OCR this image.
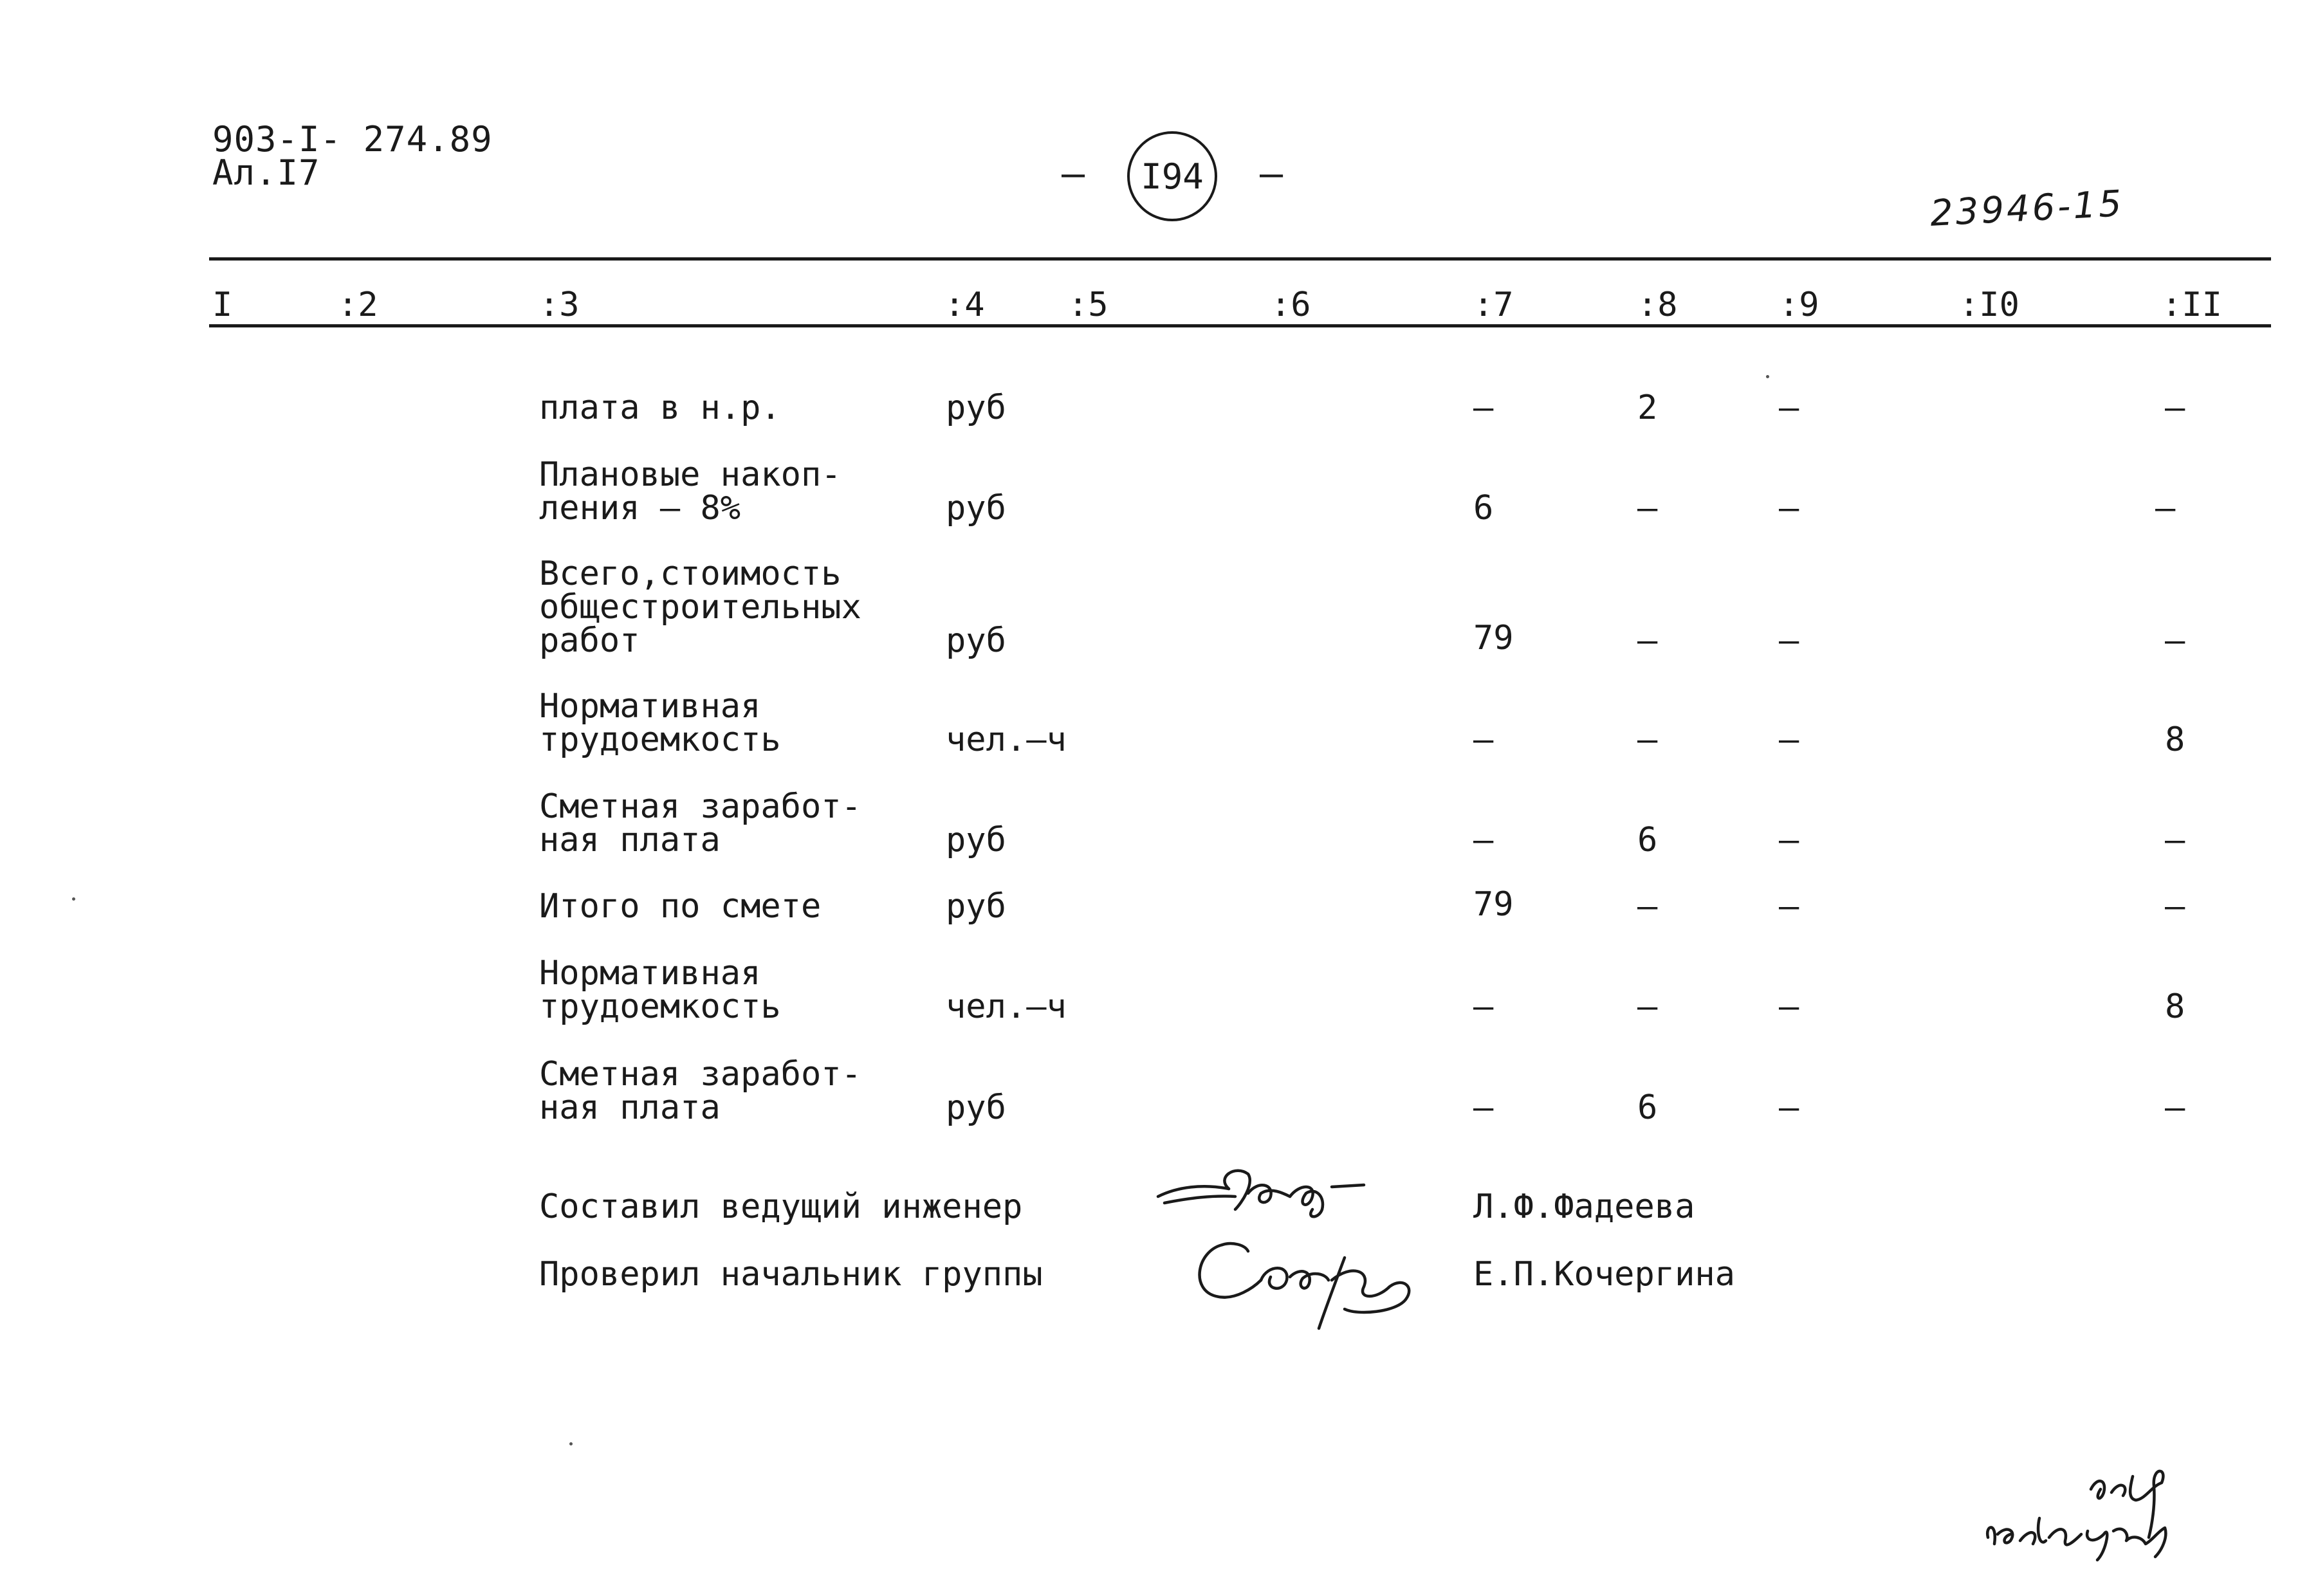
903-I- 274.89
Ал.I7	– I94 –
23946-15
I	:2	:3	:4 :5	:6	:7	:8	:9	:I0	:II
плата в н.р.	руб	–	2	–	–
Плановые накоп-
ления – 8%	руб	6	–	–	–
Всего,стоимость
общестроительных
работ	руб	79	–	–	–
Нормативная
трудоемкость	чел.–ч	–	–	–	8
Сметная заработ-
ная плата	руб	–	6	–	–
Итого по смете	руб	79	–	–	–
Нормативная
трудоемкость	чел.–ч	–	–	–	8
Сметная заработ-
ная плата	руб	–	6	–	–
Составил ведущий инженер	Л.Ф.Фадеева
Проверил начальник группы	Е.П.Кочергина
